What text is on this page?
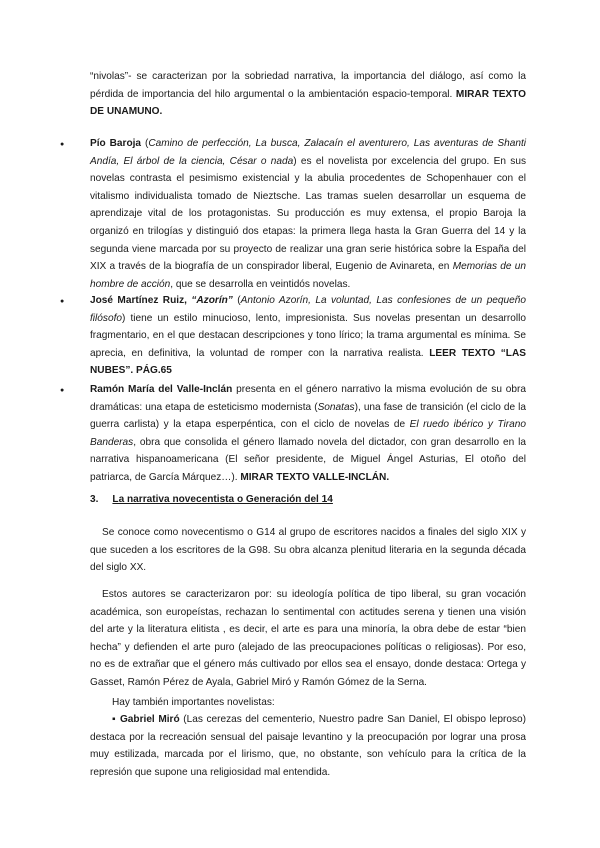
“nivolas”- se caracterizan por la sobriedad narrativa, la importancia del diálogo, así como la pérdida de importancia del hilo argumental o la ambientación espacio-temporal. MIRAR TEXTO DE UNAMUNO.

●

Pío Baroja (Camino de perfección, La busca, Zalacaín el aventurero, Las aventuras de Shanti Andía, El árbol de la ciencia, César o nada) es el novelista por excelencia del grupo. En sus novelas contrasta el pesimismo existencial y la abulia procedentes de Schopenhauer con el vitalismo individualista tomado de Nieztsche. Las tramas suelen desarrollar un esquema de aprendizaje vital de los protagonistas. Su producción es muy extensa, el propio Baroja la organizó en trilogías y distinguió dos etapas: la primera llega hasta la Gran Guerra del 14 y la segunda viene marcada por su proyecto de realizar una gran serie histórica sobre la España del XIX a través de la biografía de un conspirador liberal, Eugenio de Avinareta, en Memorias de un hombre de acción, que se desarrolla en veintidós novelas.

●

José Martínez Ruiz, “Azorín” (Antonio Azorín, La voluntad, Las confesiones de un pequeño filósofo) tiene un estilo minucioso, lento, impresionista. Sus novelas presentan un desarrollo fragmentario, en el que destacan descripciones y tono lírico; la trama argumental es mínima. Se aprecia, en definitiva, la voluntad de romper con la narrativa realista. LEER TEXTO “LAS NUBES”. PÁG.65

●

Ramón María del Valle-Inclán presenta en el género narrativo la misma evolución de su obra dramáticas: una etapa de esteticismo modernista (Sonatas), una fase de transición (el ciclo de la guerra carlista) y la etapa esperpéntica, con el ciclo de novelas de El ruedo ibérico y Tirano Banderas, obra que consolida el género llamado novela del dictador, con gran desarrollo en la narrativa hispanoamericana (El señor presidente, de Miguel Ángel Asturias, El otoño del patriarca, de García Márquez…). MIRAR TEXTO VALLE-INCLÁN.

3. La narrativa novecentista o Generación del 14

Se conoce como novecentismo o G14 al grupo de escritores nacidos a finales del siglo XIX y que suceden a los escritores de la G98. Su obra alcanza plenitud literaria en la segunda década del siglo XX.

Estos autores se caracterizaron por: su ideología política de tipo liberal, su gran vocación académica, son europeístas, rechazan lo sentimental con actitudes serena y tienen una visión del arte y la literatura elitista , es decir, el arte es para una minoría, la obra debe de estar “bien hecha” y defienden el arte puro (alejado de las preocupaciones políticas o religiosas). Por eso, no es de extrañar que el género más cultivado por ellos sea el ensayo, donde destaca: Ortega y Gasset, Ramón Pérez de Ayala, Gabriel Miró y Ramón Gómez de la Serna.

Hay también importantes novelistas:

▪ Gabriel Miró (Las cerezas del cementerio, Nuestro padre San Daniel, El obispo leproso) destaca por la recreación sensual del paisaje levantino y la preocupación por lograr una prosa muy estilizada, marcada por el lirismo, que, no obstante, son vehículo para la crítica de la represión que supone una religiosidad mal entendida.
